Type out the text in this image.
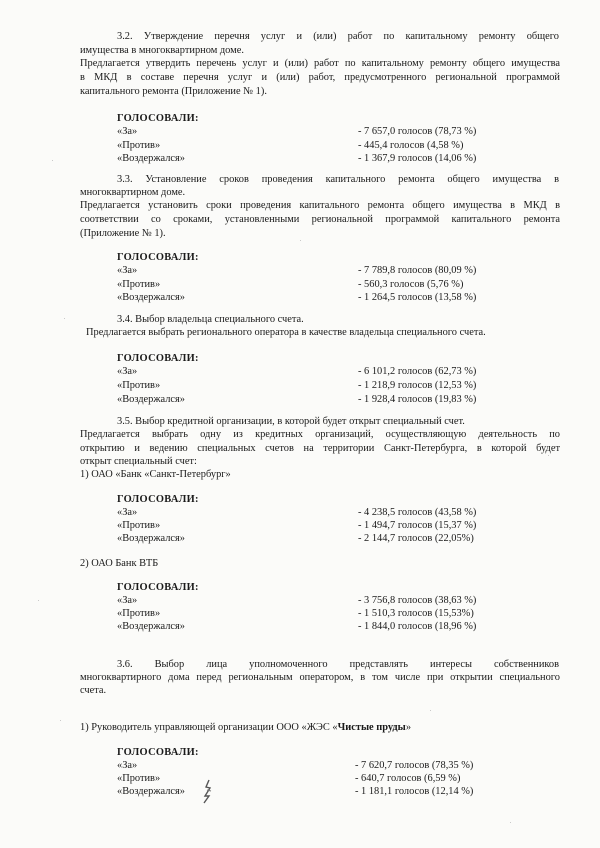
3.2. Утверждение перечня услуг и (или) работ по капитальному ремонту общего
имущества в многоквартирном доме.
Предлагается утвердить перечень услуг и (или) работ по капитальному ремонту общего имущества
в МКД в составе перечня услуг и (или) работ, предусмотренного региональной программой
капитального ремонта (Приложение № 1).
ГОЛОСОВАЛИ:
«За»	- 7 657,0 голосов (78,73 %)
«Против»	- 445,4 голосов (4,58 %)
«Воздержался»	- 1 367,9 голосов (14,06 %)
3.3. Установление сроков проведения капитального ремонта общего имущества в
многоквартирном доме.
Предлагается установить сроки проведения капитального ремонта общего имущества в МКД в
соответствии со сроками, установленными региональной программой капитального ремонта
(Приложение № 1).
ГОЛОСОВАЛИ:
«За»	- 7 789,8 голосов (80,09 %)
«Против»	- 560,3 голосов (5,76 %)
«Воздержался»	- 1 264,5 голосов (13,58 %)
3.4. Выбор владельца специального счета.
Предлагается выбрать регионального оператора в качестве владельца специального счета.
ГОЛОСОВАЛИ:
«За»	- 6 101,2 голосов (62,73 %)
«Против»	- 1 218,9 голосов (12,53 %)
«Воздержался»	- 1 928,4 голосов (19,83 %)
3.5. Выбор кредитной организации, в которой будет открыт специальный счет.
Предлагается выбрать одну из кредитных организаций, осуществляющую деятельность по
открытию и ведению специальных счетов на территории Санкт-Петербурга, в которой будет
открыт специальный счет:
1) ОАО «Банк «Санкт-Петербург»
ГОЛОСОВАЛИ:
«За»	- 4 238,5 голосов (43,58 %)
«Против»	- 1 494,7 голосов (15,37 %)
«Воздержался»	- 2 144,7 голосов (22,05%)
2) ОАО Банк ВТБ
ГОЛОСОВАЛИ:
«За»	- 3 756,8 голосов (38,63 %)
«Против»	- 1 510,3 голосов (15,53%)
«Воздержался»	- 1 844,0 голосов (18,96 %)
3.6. Выбор лица уполномоченного представлять интересы собственников
многоквартирного дома перед региональным оператором, в том числе при открытии специального
счета.
1) Руководитель управляющей организации ООО «ЖЭС «Чистые пруды»
ГОЛОСОВАЛИ:
«За»	- 7 620,7 голосов (78,35 %)
«Против»	- 640,7 голосов (6,59 %)
«Воздержался»	- 1 181,1 голосов (12,14 %)
